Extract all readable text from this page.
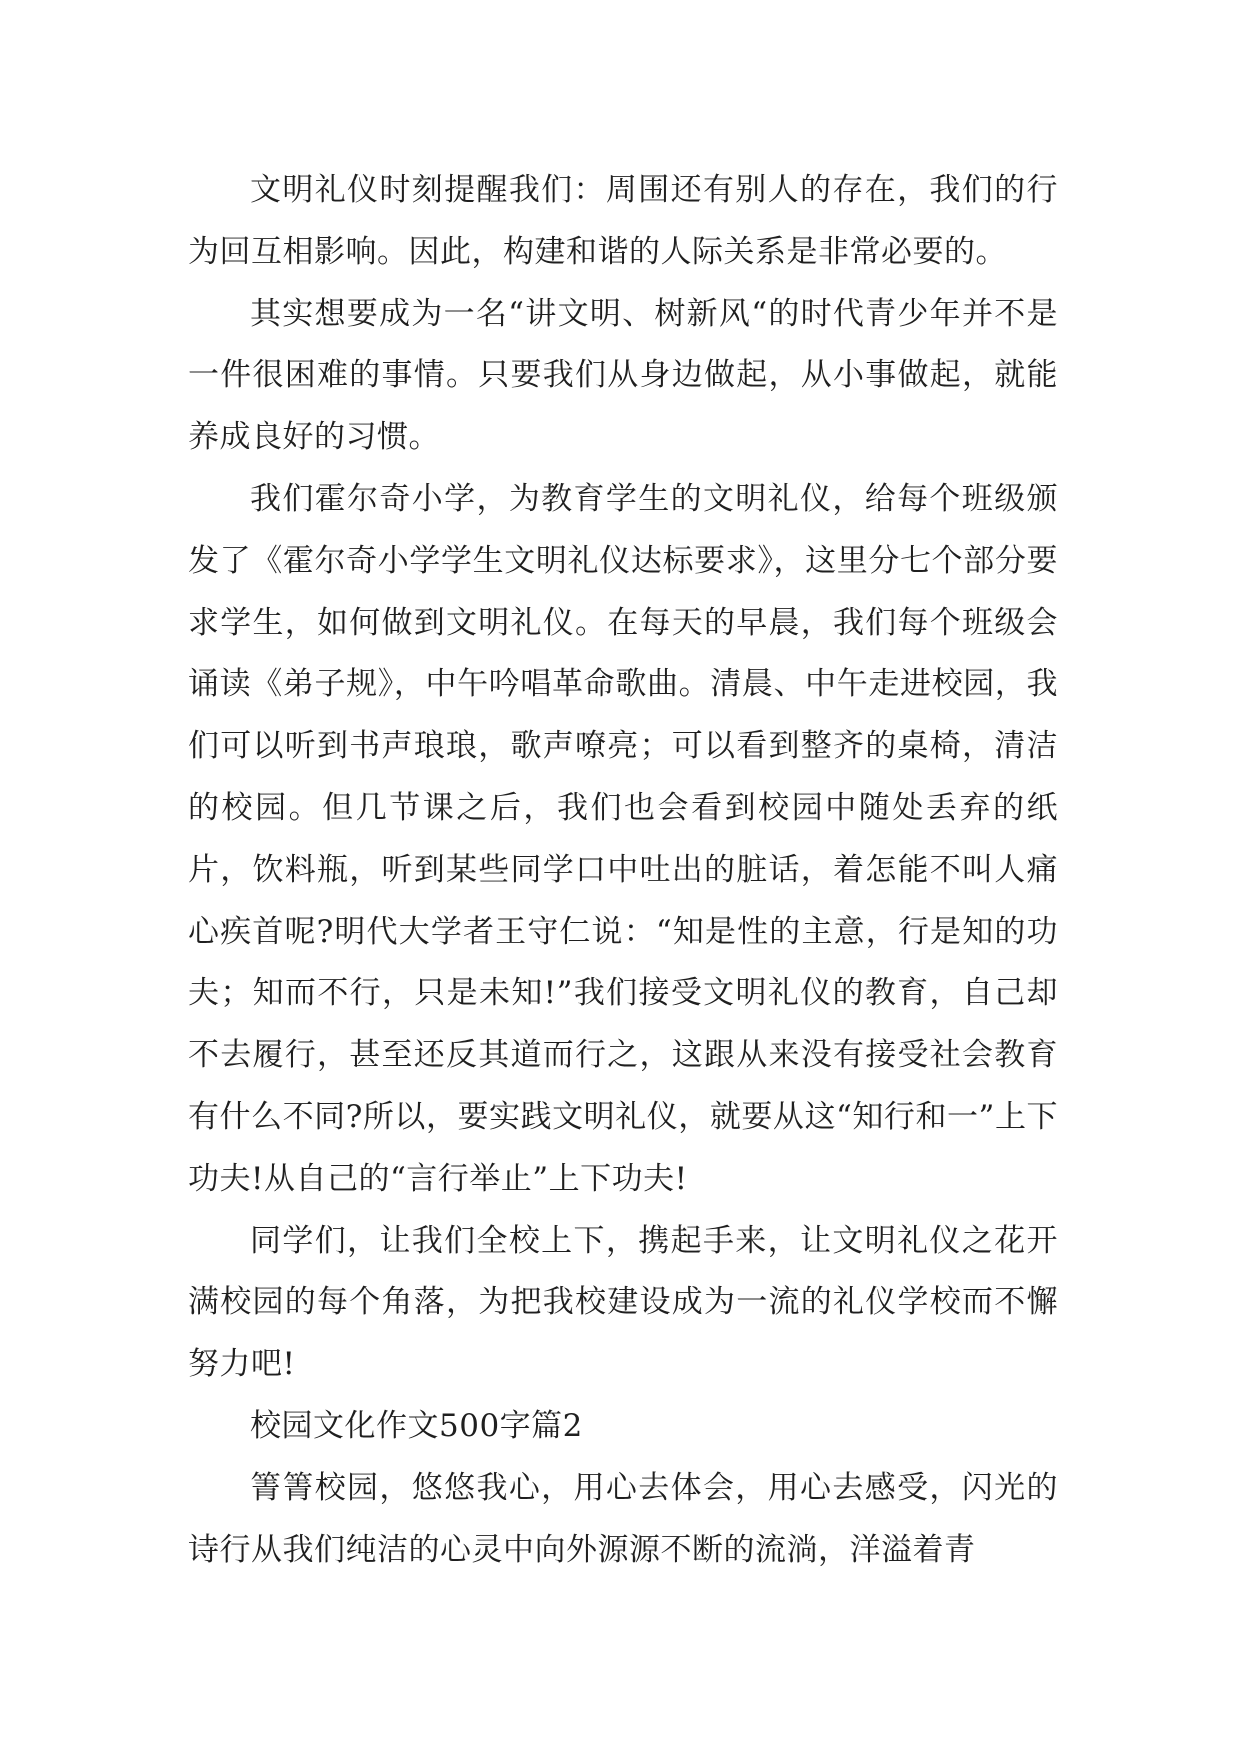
文明礼仪时刻提醒我们：周围还有别人的存在，我们的行为回互相影响。因此，构建和谐的人际关系是非常必要的。

其实想要成为一名“讲文明、树新风“的时代青少年并不是一件很困难的事情。只要我们从身边做起，从小事做起，就能养成良好的习惯。

我们霍尔奇小学，为教育学生的文明礼仪，给每个班级颁发了《霍尔奇小学学生文明礼仪达标要求》，这里分七个部分要求学生，如何做到文明礼仪。在每天的早晨，我们每个班级会诵读《弟子规》，中午吟唱革命歌曲。清晨、中午走进校园，我们可以听到书声琅琅，歌声嘹亮；可以看到整齐的桌椅，清洁的校园。但几节课之后，我们也会看到校园中随处丢弃的纸片，饮料瓶，听到某些同学口中吐出的脏话，着怎能不叫人痛心疾首呢?明代大学者王守仁说：“知是性的主意，行是知的功夫；知而不行，只是未知!”我们接受文明礼仪的教育，自己却不去履行，甚至还反其道而行之，这跟从来没有接受社会教育有什么不同?所以，要实践文明礼仪，就要从这“知行和一”上下功夫!从自己的“言行举止”上下功夫!

同学们，让我们全校上下，携起手来，让文明礼仪之花开满校园的每个角落，为把我校建设成为一流的礼仪学校而不懈努力吧!

校园文化作文500字篇2

箐箐校园，悠悠我心，用心去体会，用心去感受，闪光的诗行从我们纯洁的心灵中向外源源不断的流淌，洋溢着青
